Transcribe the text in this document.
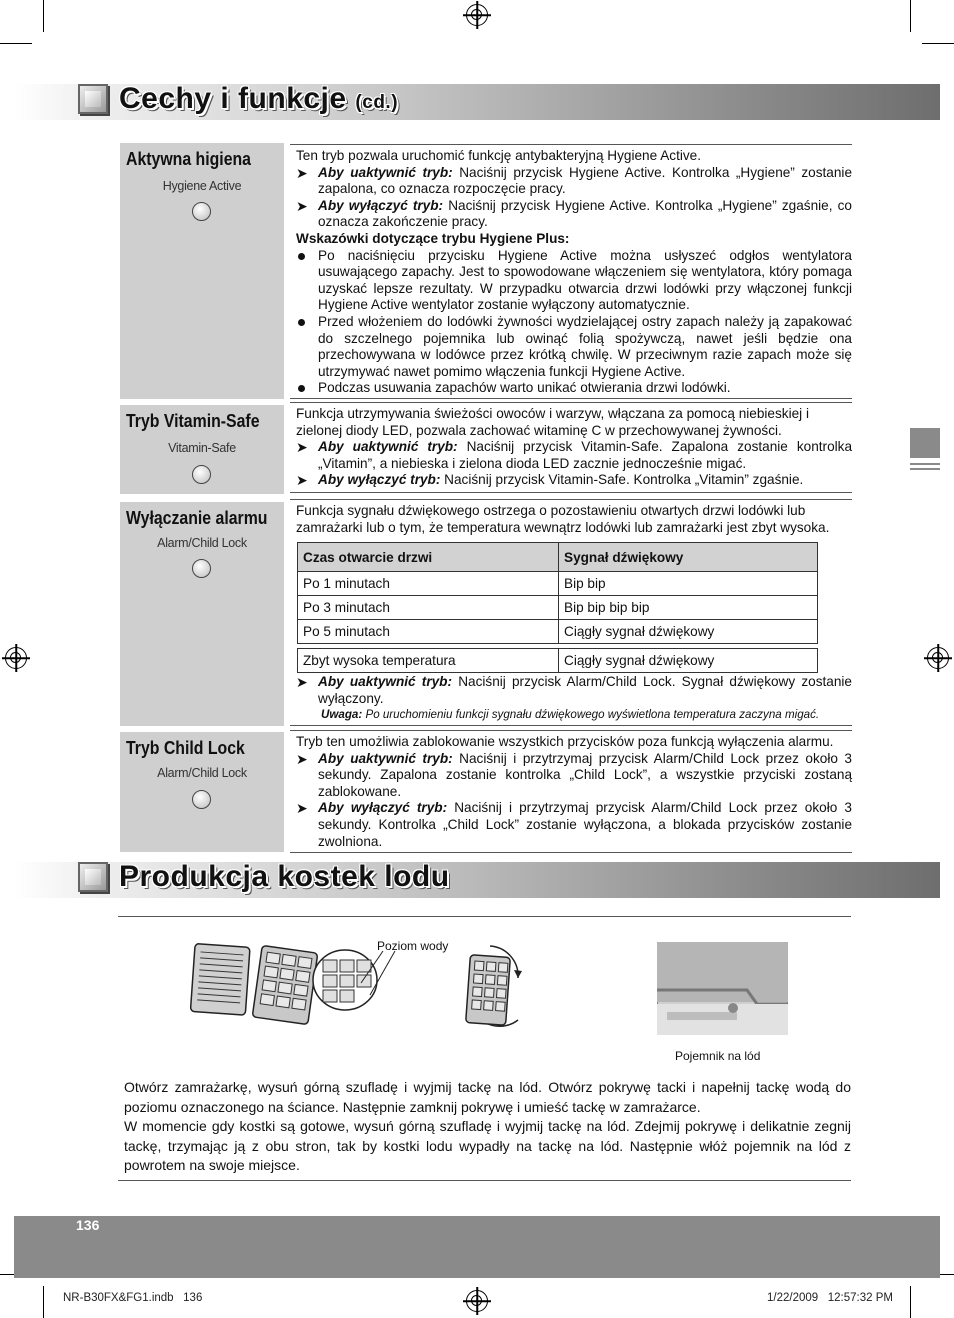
Cechy i funkcje (cd.)
Aktywna higiena
Hygiene Active

Ten tryb pozwala uruchomić funkcję antybakteryjną Hygiene Active.

➤ Aby uaktywnić tryb: Naciśnij przycisk Hygiene Active. Kontrolka „Hygiene” zostanie zapalona, co oznacza rozpoczęcie pracy.
➤ Aby wyłączyć tryb: Naciśnij przycisk Hygiene Active. Kontrolka „Hygiene” zgaśnie, co oznacza zakończenie pracy.

Wskazówki dotyczące trybu Hygiene Plus:

Po naciśnięciu przycisku Hygiene Active można usłyszeć odgłos wentylatora usuwającego zapachy. Jest to spowodowane włączeniem się wentylatora, który pomaga uzyskać lepsze rezultaty. W przypadku otwarcia drzwi lodówki przy włączonej funkcji Hygiene Active wentylator zostanie wyłączony automatycznie.
Przed włożeniem do lodówki żywności wydzielającej ostry zapach należy ją zapakować do szczelnego pojemnika lub owinąć folią spożywczą, nawet jeśli będzie ona przechowywana w lodówce przez krótką chwilę. W przeciwnym razie zapach może się utrzymywać nawet pomimo włączenia funkcji Hygiene Active.
Podczas usuwania zapachów warto unikać otwierania drzwi lodówki.
Tryb Vitamin-Safe
Vitamin-Safe

Funkcja utrzymywania świeżości owoców i warzyw, włączana za pomocą niebieskiej i zielonej diody LED, pozwala zachować witaminę C w przechowywanej żywności.

➤ Aby uaktywnić tryb: Naciśnij przycisk Vitamin-Safe. Zapalona zostanie kontrolka „Vitamin”, a niebieska i zielona dioda LED zacznie jednocześnie migać.
➤ Aby wyłączyć tryb: Naciśnij przycisk Vitamin-Safe. Kontrolka „Vitamin” zgaśnie.
Wyłączanie alarmu
Alarm/Child Lock

Funkcja sygnału dźwiękowego ostrzega o pozostawieniu otwartych drzwi lodówki lub zamrażarki lub o tym, że temperatura wewnątrz lodówki lub zamrażarki jest zbyt wysoka.

Czas otwarcie drzwi	Sygnał dźwiękowy
Po 1 minutach	Bip bip
Po 3 minutach	Bip bip bip bip
Po 5 minutach	Ciągły sygnał dźwiękowy
Zbyt wysoka temperatura	Ciągły sygnał dźwiękowy
➤ Aby uaktywnić tryb: Naciśnij przycisk Alarm/Child Lock. Sygnał dźwiękowy zostanie wyłączony.
Uwaga: Po uruchomieniu funkcji sygnału dźwiękowego wyświetlona temperatura zaczyna migać.
Tryb Child Lock
Alarm/Child Lock

Tryb ten umożliwia zablokowanie wszystkich przycisków poza funkcją wyłączenia alarmu.

➤ Aby uaktywnić tryb: Naciśnij i przytrzymaj przycisk Alarm/Child Lock przez około 3 sekundy. Zapalona zostanie kontrolka „Child Lock”, a wszystkie przyciski zostaną zablokowane.
➤ Aby wyłączyć tryb: Naciśnij i przytrzymaj przycisk Alarm/Child Lock przez około 3 sekundy. Kontrolka „Child Lock” zostanie wyłączona, a blokada przycisków zostanie zwolniona.
Produkcja kostek lodu
Poziom wody
Pojemnik na lód

Otwórz zamrażarkę, wysuń górną szufladę i wyjmij tackę na lód. Otwórz pokrywę tacki i napełnij tackę wodą do poziomu oznaczonego na ściance. Następnie zamknij pokrywę i umieść tackę w zamrażarce.

W momencie gdy kostki są gotowe, wysuń górną szufladę i wyjmij tackę na lód. Zdejmij pokrywę i delikatnie zegnij tackę, trzymając ją z obu stron, tak by kostki lodu wypadły na tackę na lód. Następnie włóż pojemnik na lód z powrotem na swoje miejsce.

136
NR-B30FX&FG1.indb   136	1/22/2009   12:57:32 PM
